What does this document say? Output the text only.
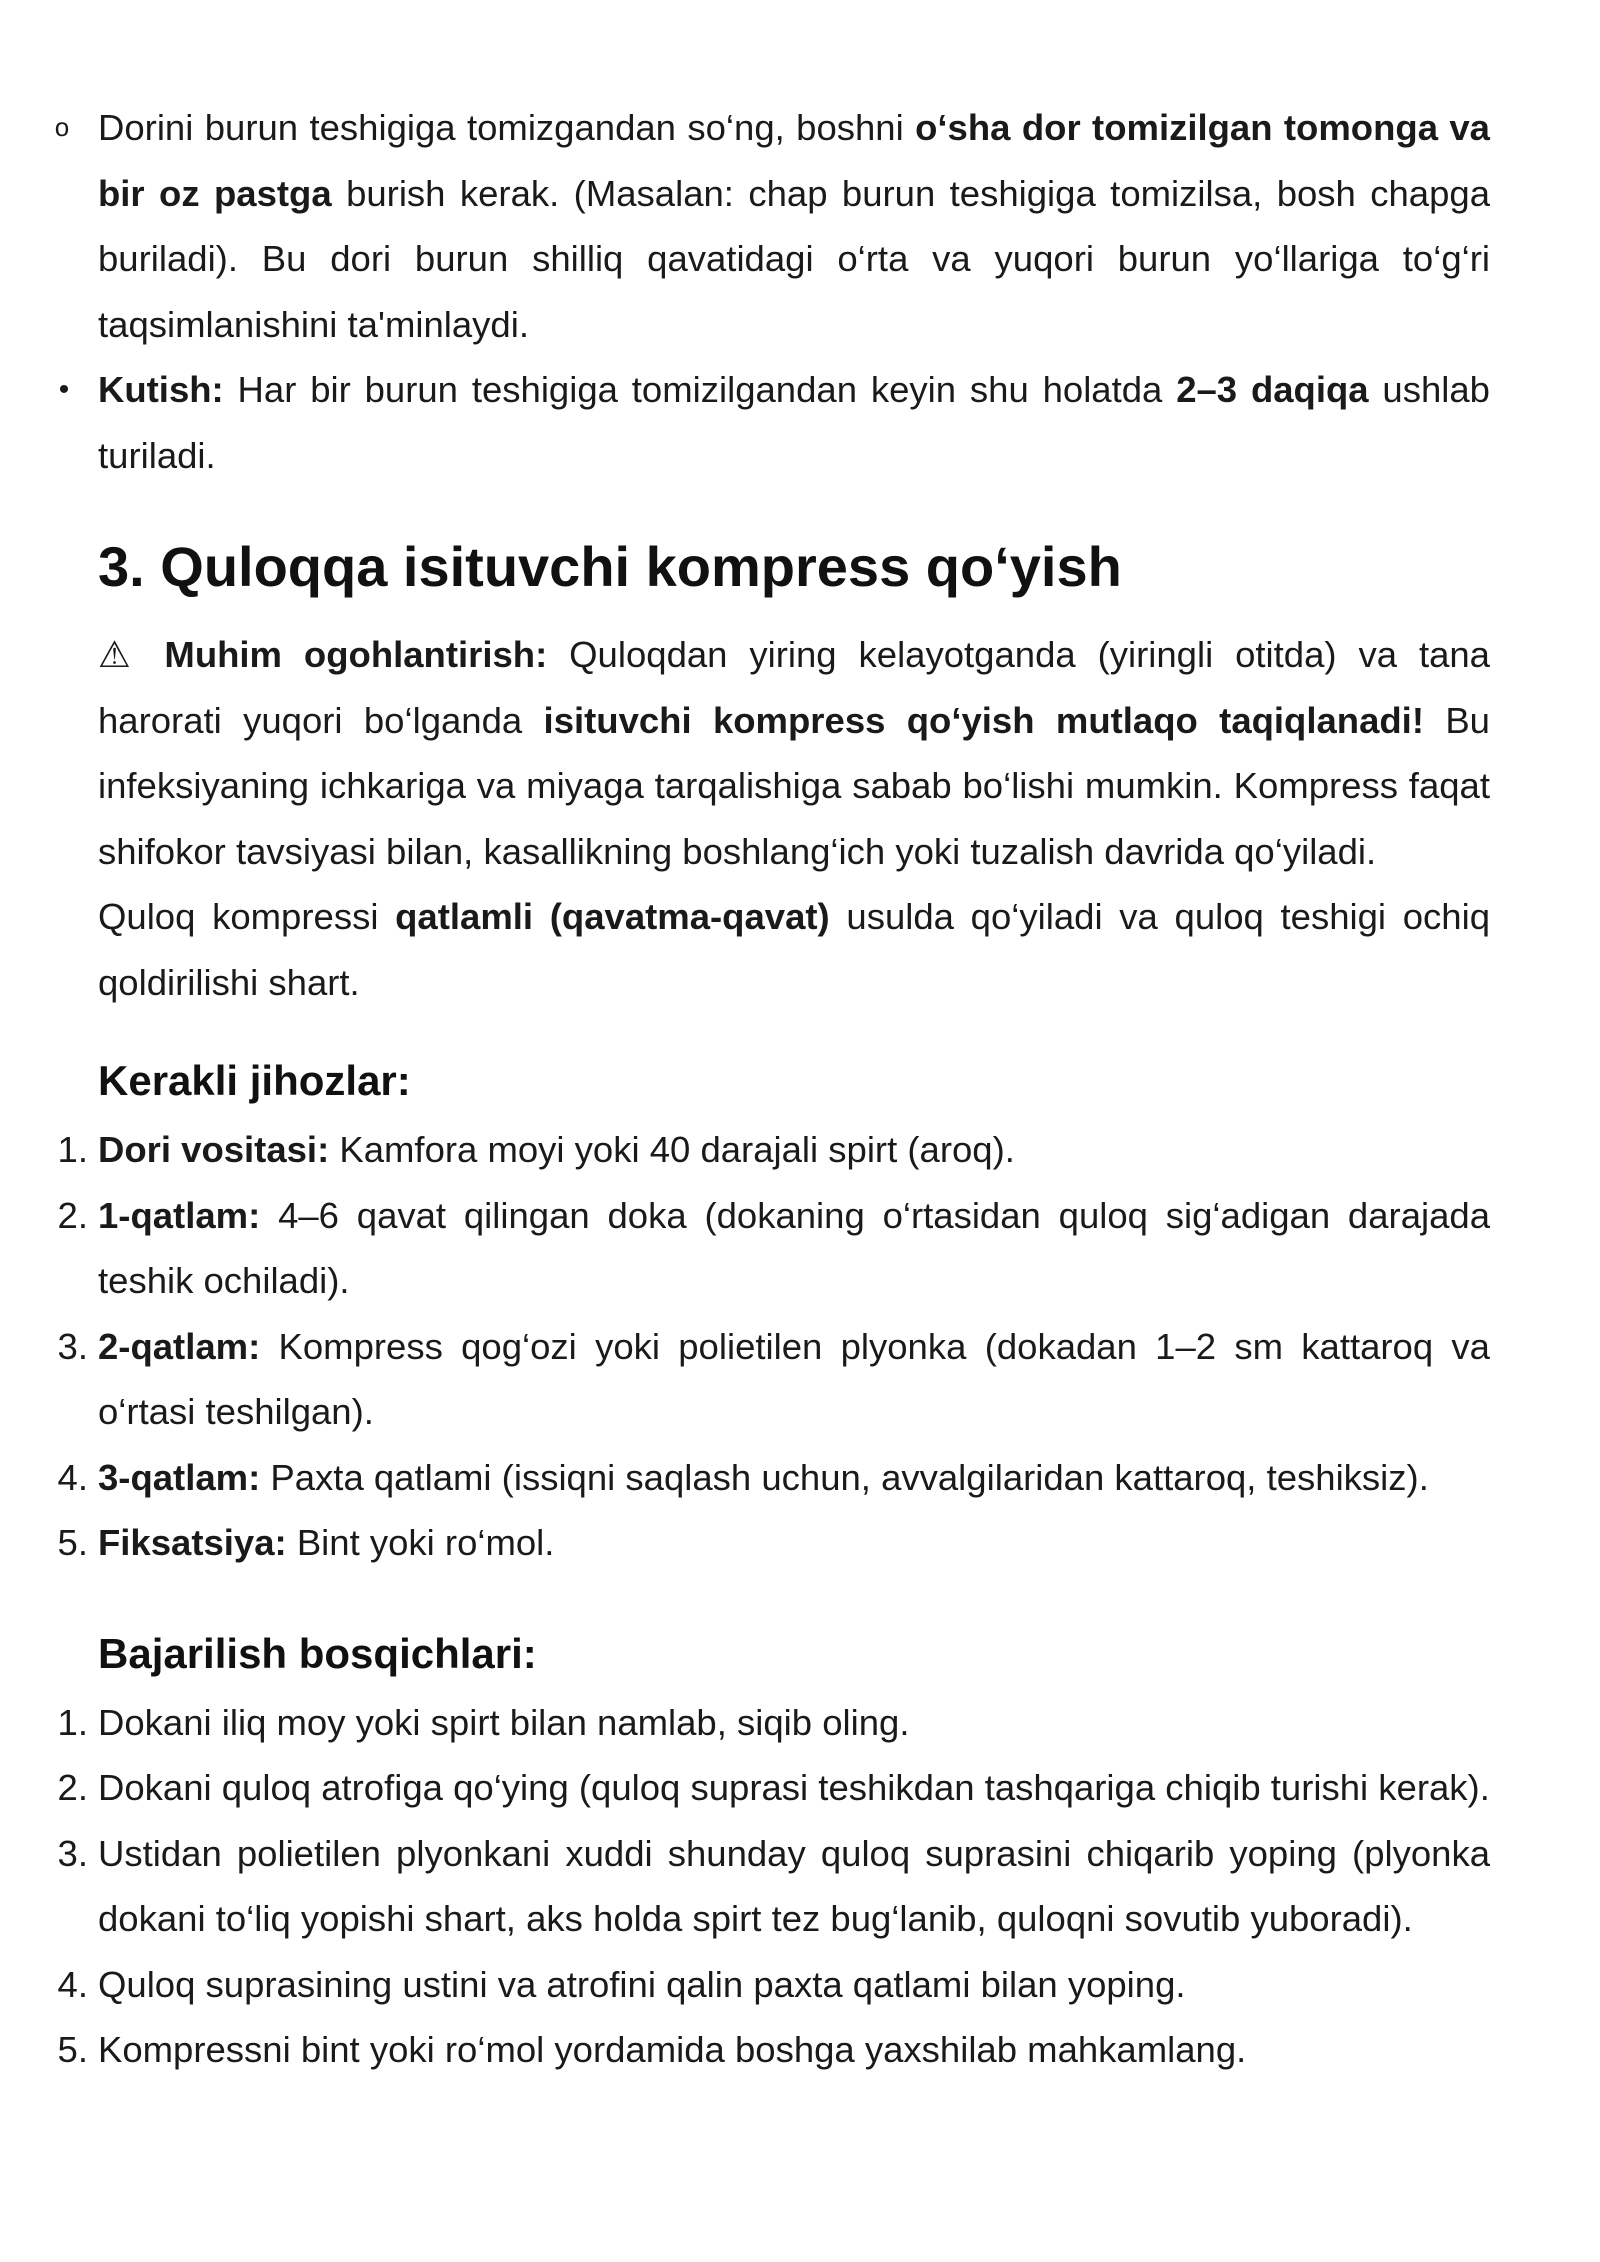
o Dorini burun teshigiga tomizgandan so‘ng, boshni o‘sha dor tomizilgan tomonga va bir oz pastga burish kerak. (Masalan: chap burun teshigiga tomizilsa, bosh chapga buriladi). Bu dori burun shilliq qavatidagi o‘rta va yuqori burun yo‘llariga to‘g‘ri taqsimlanishini ta'minlaydi.

• Kutish: Har bir burun teshigiga tomizilgandan keyin shu holatda 2–3 daqiqa ushlab turiladi.

3. Quloqqa isituvchi kompress qo‘yish

⚠ Muhim ogohlantirish: Quloqdan yiring kelayotganda (yiringli otitda) va tana harorati yuqori bo‘lganda isituvchi kompress qo‘yish mutlaqo taqiqlanadi! Bu infeksiyaning ichkariga va miyaga tarqalishiga sabab bo‘lishi mumkin. Kompress faqat shifokor tavsiyasi bilan, kasallikning boshlang‘ich yoki tuzalish davrida qo‘yiladi.

Quloq kompressi qatlamli (qavatma-qavat) usulda qo‘yiladi va quloq teshigi ochiq qoldirilishi shart.

Kerakli jihozlar:
1. Dori vositasi: Kamfora moyi yoki 40 darajali spirt (aroq).

2. 1-qatlam: 4–6 qavat qilingan doka (dokaning o‘rtasidan quloq sig‘adigan darajada teshik ochiladi).

3. 2-qatlam: Kompress qog‘ozi yoki polietilen plyonka (dokadan 1–2 sm kattaroq va o‘rtasi teshilgan).

4. 3-qatlam: Paxta qatlami (issiqni saqlash uchun, avvalgilaridan kattaroq, teshiksiz).

5. Fiksatsiya: Bint yoki ro‘mol.

Bajarilish bosqichlari:
1. Dokani iliq moy yoki spirt bilan namlab, siqib oling.

2. Dokani quloq atrofiga qo‘ying (quloq suprasi teshikdan tashqariga chiqib turishi kerak).

3. Ustidan polietilen plyonkani xuddi shunday quloq suprasini chiqarib yoping (plyonka dokani to‘liq yopishi shart, aks holda spirt tez bug‘lanib, quloqni sovutib yuboradi).

4. Quloq suprasining ustini va atrofini qalin paxta qatlami bilan yoping.

5. Kompressni bint yoki ro‘mol yordamida boshga yaxshilab mahkamlang.
